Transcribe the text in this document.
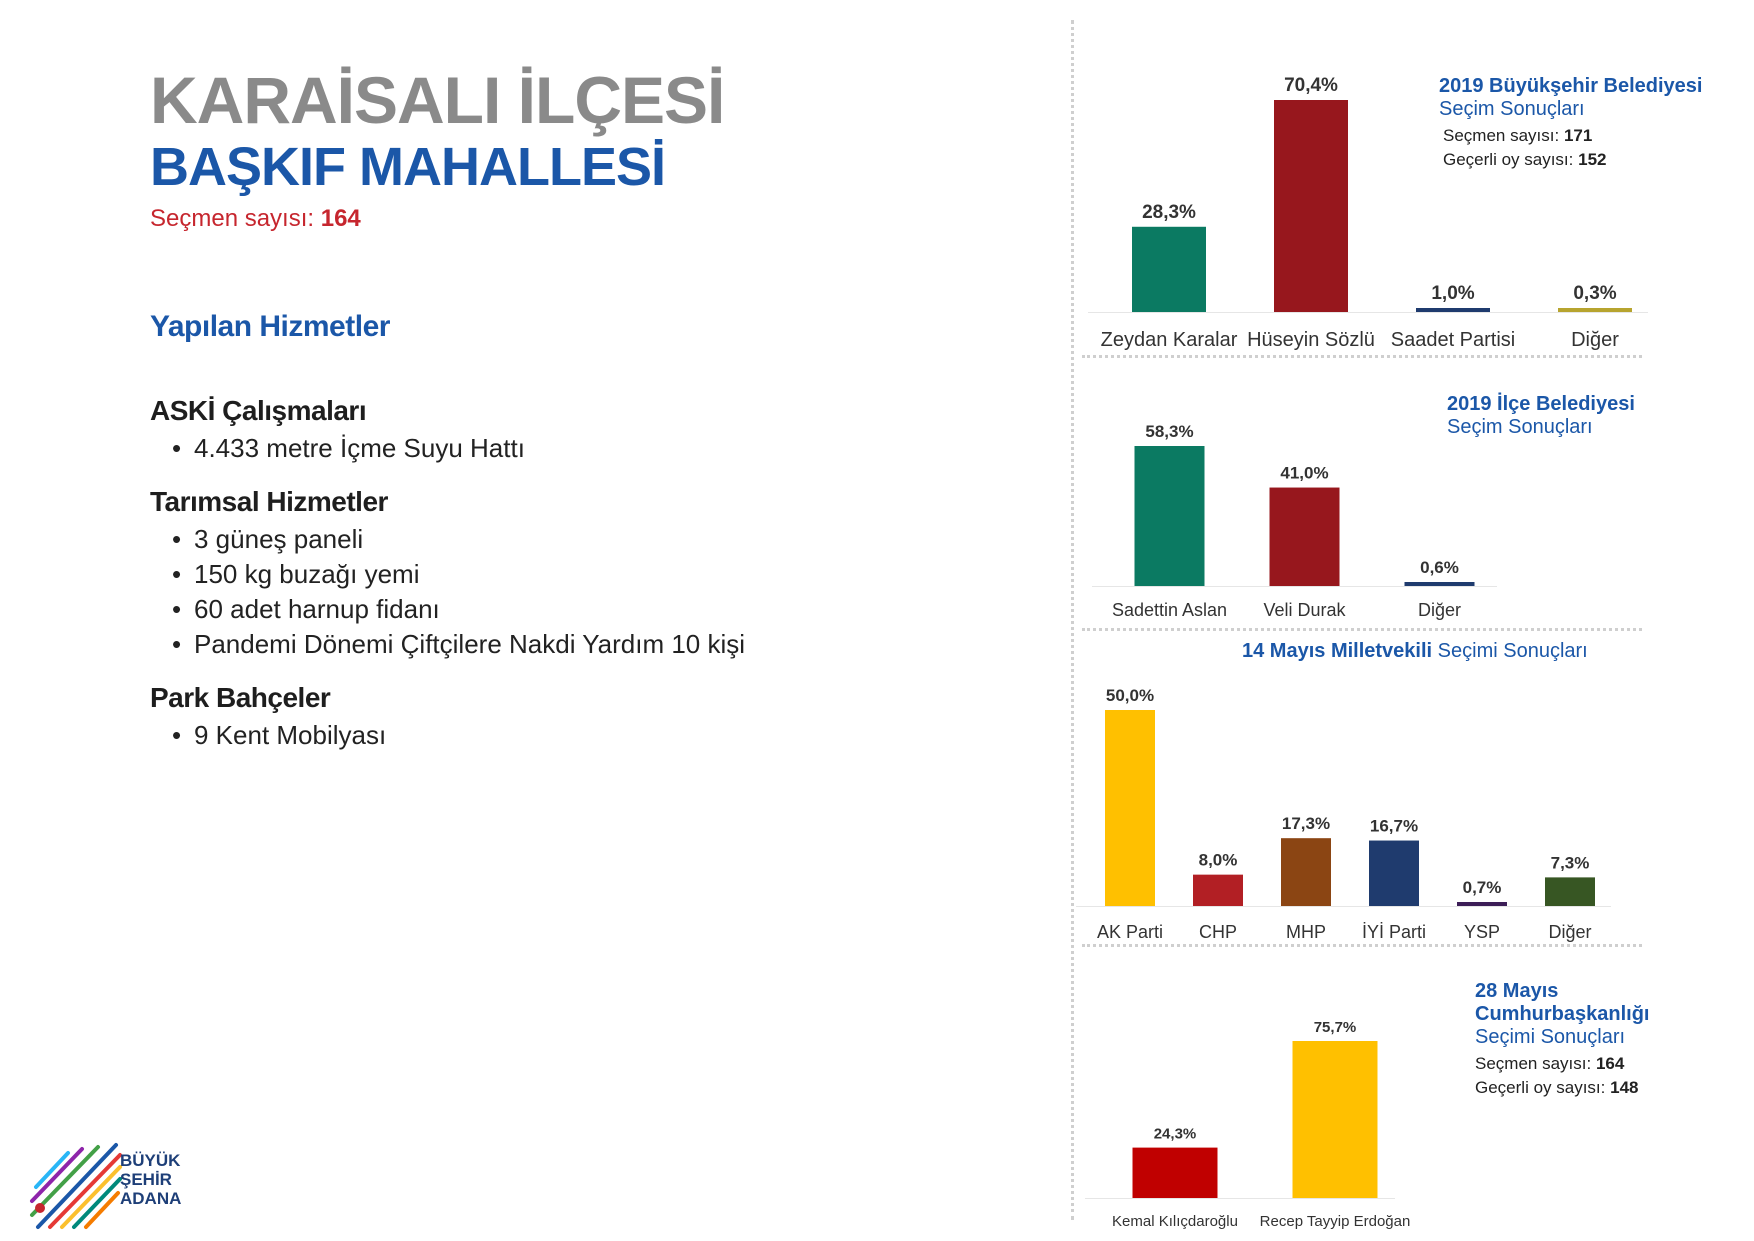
KARAİSALI İLÇESİ
BAŞKIF MAHALLESİ
Seçmen sayısı: 164
Yapılan Hizmetler
ASKİ Çalışmaları
• 4.433 metre İçme Suyu Hattı
Tarımsal Hizmetler
• 3 güneş paneli
• 150 kg buzağı yemi
• 60 adet harnup fidanı
• Pandemi Dönemi Çiftçilere Nakdi Yardım 10 kişi
Park Bahçeler
• 9 Kent Mobilyası
BÜYÜK
ŞEHİR
ADANA
28,3%
Zeydan Karalar
70,4%
Hüseyin Sözlü
1,0%
Saadet Partisi
0,3%
Diğer
2019 Büyükşehir Belediyesi
Seçim Sonuçları
Seçmen sayısı: 171
Geçerli oy sayısı: 152
58,3%
Sadettin Aslan
41,0%
Veli Durak
0,6%
Diğer
2019 İlçe Belediyesi
Seçim Sonuçları
50,0%
AK Parti
8,0%
CHP
17,3%
MHP
16,7%
İYİ Parti
0,7%
YSP
7,3%
Diğer
14 Mayıs Milletvekili Seçimi Sonuçları
24,3%
Kemal Kılıçdaroğlu
75,7%
Recep Tayyip Erdoğan
28 Mayıs
Cumhurbaşkanlığı
Seçimi Sonuçları
Seçmen sayısı: 164
Geçerli oy sayısı: 148
